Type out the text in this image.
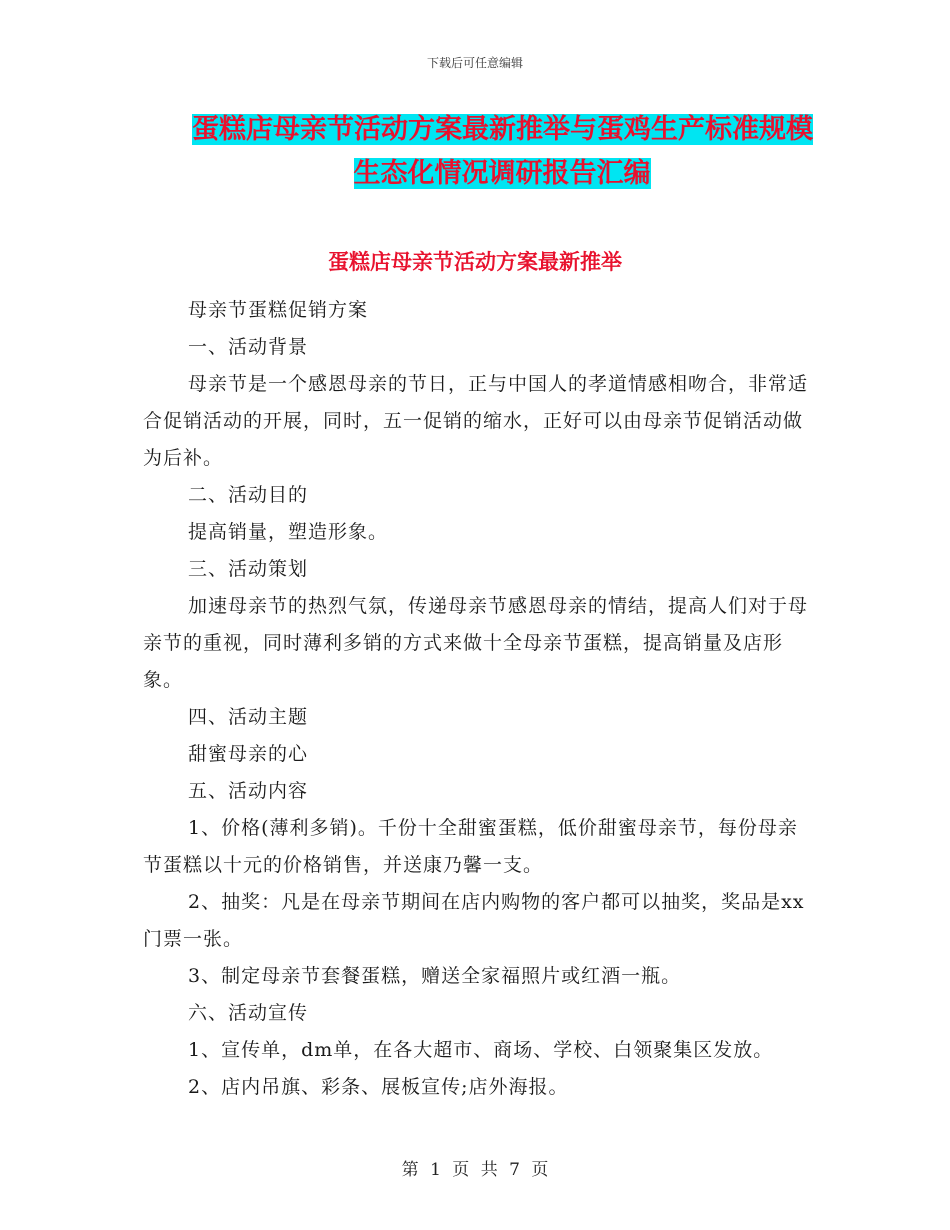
下载后可任意编辑
蛋糕店母亲节活动方案最新推举与蛋鸡生产标准规模
生态化情况调研报告汇编
蛋糕店母亲节活动方案最新推举

母亲节蛋糕促销方案

一、活动背景

母亲节是一个感恩母亲的节日，正与中国人的孝道情感相吻合，非常适合促销活动的开展，同时，五一促销的缩水，正好可以由母亲节促销活动做为后补。

二、活动目的

提高销量，塑造形象。

三、活动策划

加速母亲节的热烈气氛，传递母亲节感恩母亲的情结，提高人们对于母亲节的重视，同时薄利多销的方式来做十全母亲节蛋糕，提高销量及店形象。

四、活动主题

甜蜜母亲的心

五、活动内容

1、价格(薄利多销)。千份十全甜蜜蛋糕，低价甜蜜母亲节，每份母亲节蛋糕以十元的价格销售，并送康乃馨一支。

2、抽奖：凡是在母亲节期间在店内购物的客户都可以抽奖，奖品是xx门票一张。

3、制定母亲节套餐蛋糕，赠送全家福照片或红酒一瓶。

六、活动宣传

1、宣传单，dm单，在各大超市、商场、学校、白领聚集区发放。

2、店内吊旗、彩条、展板宣传;店外海报。

第 1 页 共 7 页
